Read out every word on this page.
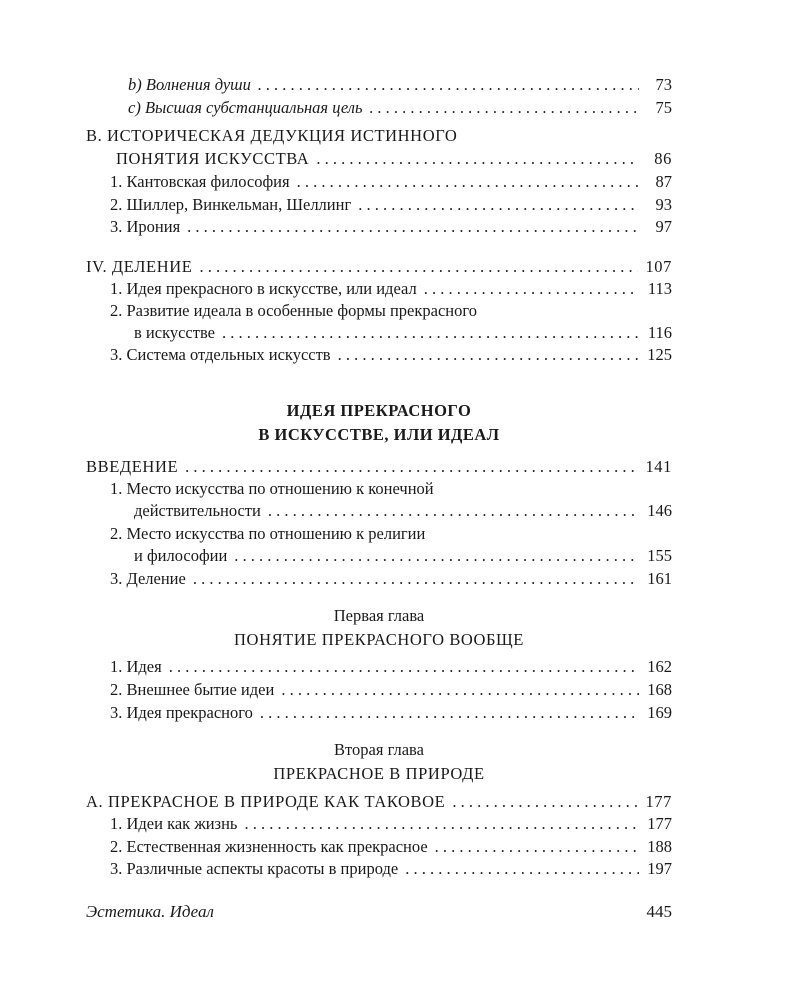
b) Волнения души . . .	73
c) Высшая субстанциальная цель . . .	75
B. ИСТОРИЧЕСКАЯ ДЕДУКЦИЯ ИСТИННОГО
ПОНЯТИЯ ИСКУССТВА . . .	86
1. Кантовская философия . . .	87
2. Шиллер, Винкельман, Шеллинг . . .	93
3. Ирония . . .	97
IV. ДЕЛЕНИЕ . . .	107
1. Идея прекрасного в искусстве, или идеал . . .	113
2. Развитие идеала в особенные формы прекрасного
в искусстве . . .	116
3. Система отдельных искусств . . .	125
ИДЕЯ ПРЕКРАСНОГО
В ИСКУССТВЕ, ИЛИ ИДЕАЛ
ВВЕДЕНИЕ . . .	141
1. Место искусства по отношению к конечной
действительности . . .	146
2. Место искусства по отношению к религии
и философии . . .	155
3. Деление . . .	161
Первая глава
ПОНЯТИЕ ПРЕКРАСНОГО ВООБЩЕ
1. Идея . . .	162
2. Внешнее бытие идеи . . .	168
3. Идея прекрасного . . .	169
Вторая глава
ПРЕКРАСНОЕ В ПРИРОДЕ
A. ПРЕКРАСНОЕ В ПРИРОДЕ КАК ТАКОВОЕ . . .	177
1. Идеи как жизнь . . .	177
2. Естественная жизненность как прекрасное . . .	188
3. Различные аспекты красоты в природе . . .	197
Эстетика. Идеал	445
